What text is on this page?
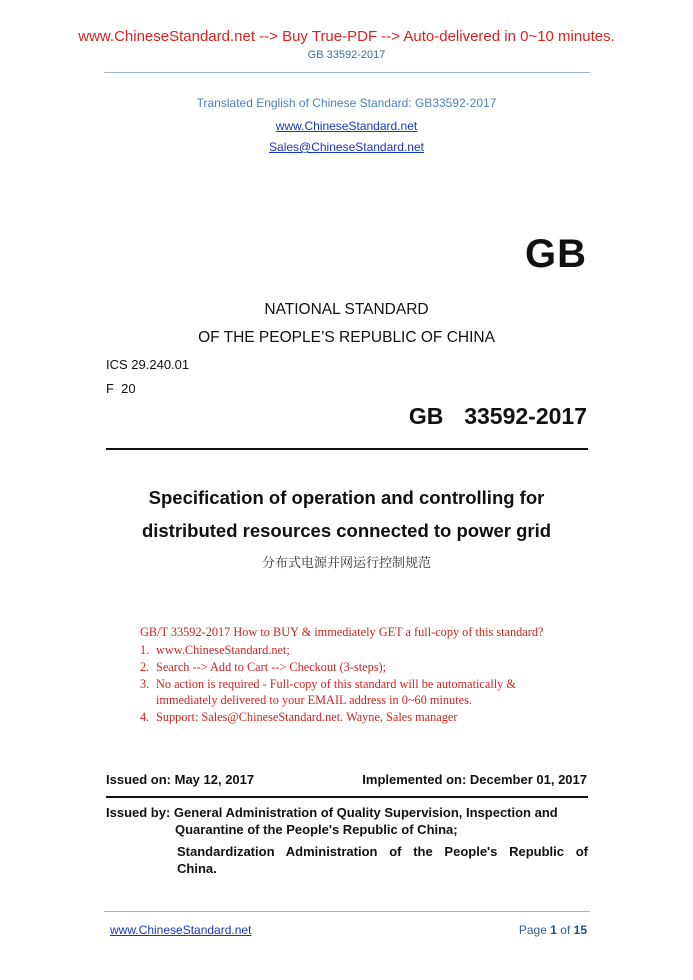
www.ChineseStandard.net --> Buy True-PDF --> Auto-delivered in 0~10 minutes.
GB 33592-2017
Translated English of Chinese Standard: GB33592-2017
www.ChineseStandard.net
Sales@ChineseStandard.net
GB
NATIONAL STANDARD
OF THE PEOPLE’S REPUBLIC OF CHINA
ICS 29.240.01
F  20
GB  33592-2017
Specification of operation and controlling for
distributed resources connected to power grid
分布式电源并网运行控制规范
GB/T 33592-2017 How to BUY & immediately GET a full-copy of this standard?
1. www.ChineseStandard.net;
2. Search --> Add to Cart --> Checkout (3-steps);
3. No action is required - Full-copy of this standard will be automatically & immediately delivered to your EMAIL address in 0~60 minutes.
4. Support: Sales@ChineseStandard.net. Wayne, Sales manager
Issued on: May 12, 2017	Implemented on: December 01, 2017
Issued by: General Administration of Quality Supervision, Inspection and
Quarantine of the People's Republic of China;
Standardization Administration of the People's Republic of
China.
www.ChineseStandard.net	Page 1 of 15
